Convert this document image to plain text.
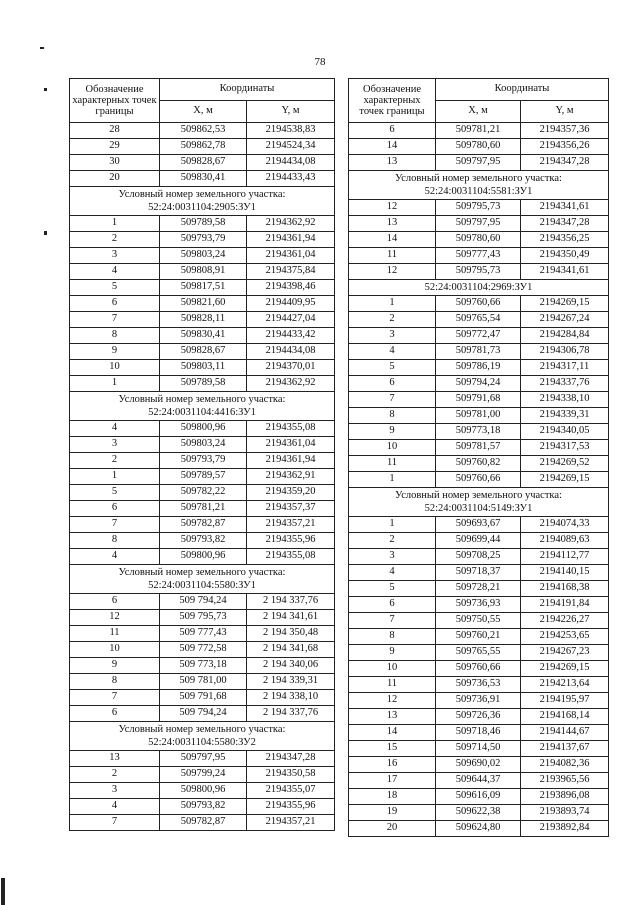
78
Обозначение характерных точек границы	Координаты	
	X, м	Y, м
28	509862,53	2194538,83
29	509862,78	2194524,34
30	509828,67	2194434,08
20	509830,41	2194433,43
Условный номер земельного участка: 52:24:0031104:2905:ЗУ1		
1	509789,58	2194362,92
2	509793,79	2194361,94
3	509803,24	2194361,04
4	509808,91	2194375,84
5	509817,51	2194398,46
6	509821,60	2194409,95
7	509828,11	2194427,04
8	509830,41	2194433,42
9	509828,67	2194434,08
10	509803,11	2194370,01
1	509789,58	2194362,92
Условный номер земельного участка: 52:24:0031104:4416:ЗУ1		
4	509800,96	2194355,08
3	509803,24	2194361,04
2	509793,79	2194361,94
1	509789,57	2194362,91
5	509782,22	2194359,20
6	509781,21	2194357,37
7	509782,87	2194357,21
8	509793,82	2194355,96
4	509800,96	2194355,08
Условный номер земельного участка: 52:24:0031104:5580:ЗУ1		
6	509 794,24	2 194 337,76
12	509 795,73	2 194 341,61
11	509 777,43	2 194 350,48
10	509 772,58	2 194 341,68
9	509 773,18	2 194 340,06
8	509 781,00	2 194 339,31
7	509 791,68	2 194 338,10
6	509 794,24	2 194 337,76
Условный номер земельного участка: 52:24:0031104:5580:ЗУ2		
13	509797,95	2194347,28
2	509799,24	2194350,58
3	509800,96	2194355,07
4	509793,82	2194355,96
7	509782,87	2194357,21
Обозначение характерных точек границы	Координаты	
	X, м	Y, м
6	509781,21	2194357,36
14	509780,60	2194356,26
13	509797,95	2194347,28
Условный номер земельного участка: 52:24:0031104:5581:ЗУ1		
12	509795,73	2194341,61
13	509797,95	2194347,28
14	509780,60	2194356,25
11	509777,43	2194350,49
12	509795,73	2194341,61
52:24:0031104:2969:ЗУ1		
1	509760,66	2194269,15
2	509765,54	2194267,24
3	509772,47	2194284,84
4	509781,73	2194306,78
5	509786,19	2194317,11
6	509794,24	2194337,76
7	509791,68	2194338,10
8	509781,00	2194339,31
9	509773,18	2194340,05
10	509781,57	2194317,53
11	509760,82	2194269,52
1	509760,66	2194269,15
Условный номер земельного участка: 52:24:0031104:5149:ЗУ1		
1	509693,67	2194074,33
2	509699,44	2194089,63
3	509708,25	2194112,77
4	509718,37	2194140,15
5	509728,21	2194168,38
6	509736,93	2194191,84
7	509750,55	2194226,27
8	509760,21	2194253,65
9	509765,55	2194267,23
10	509760,66	2194269,15
11	509736,53	2194213,64
12	509736,91	2194195,97
13	509726,36	2194168,14
14	509718,46	2194144,67
15	509714,50	2194137,67
16	509690,02	2194082,36
17	509644,37	2193965,56
18	509616,09	2193896,08
19	509622,38	2193893,74
20	509624,80	2193892,84
